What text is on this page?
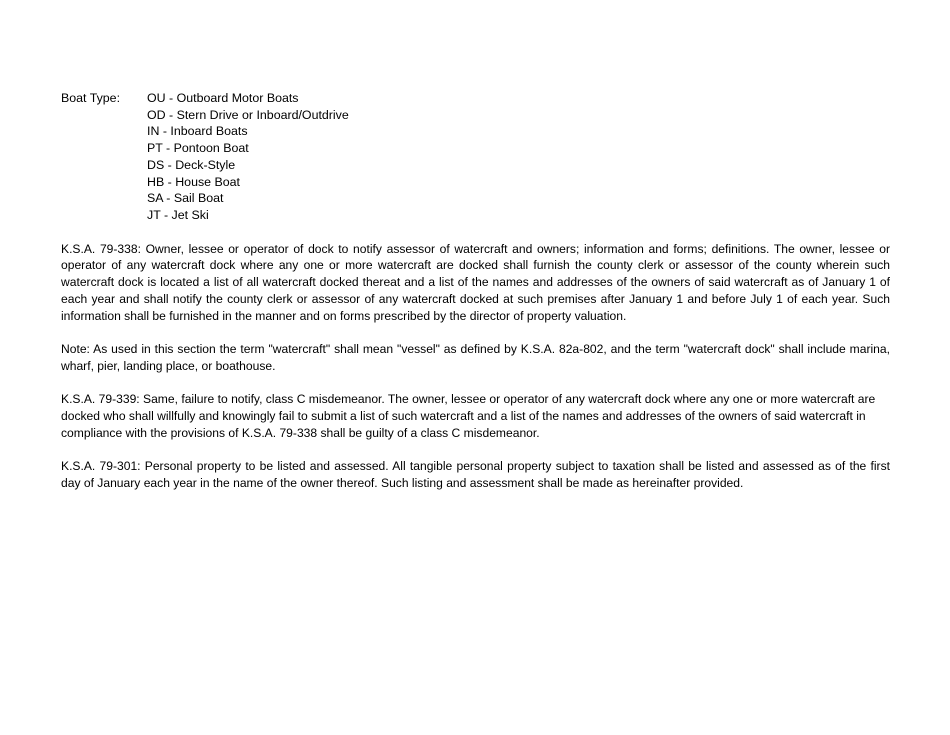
Boat Type:	OU - Outboard Motor Boats
OD - Stern Drive or Inboard/Outdrive
IN - Inboard Boats
PT - Pontoon Boat
DS - Deck-Style
HB - House Boat
SA - Sail Boat
JT - Jet Ski

K.S.A. 79-338: Owner, lessee or operator of dock to notify assessor of watercraft and owners; information and forms; definitions. The owner, lessee or operator of any watercraft dock where any one or more watercraft are docked shall furnish the county clerk or assessor of the county wherein such watercraft dock is located a list of all watercraft docked thereat and a list of the names and addresses of the owners of said watercraft as of January 1 of each year and shall notify the county clerk or assessor of any watercraft docked at such premises after January 1 and before July 1 of each year. Such information shall be furnished in the manner and on forms prescribed by the director of property valuation.

Note: As used in this section the term "watercraft" shall mean "vessel" as defined by K.S.A. 82a-802, and the term "watercraft dock" shall include marina, wharf, pier, landing place, or boathouse.

K.S.A. 79-339: Same, failure to notify, class C misdemeanor. The owner, lessee or operator of any watercraft dock where any one or more watercraft are docked who shall willfully and knowingly fail to submit a list of such watercraft and a list of the names and addresses of the owners of said watercraft in compliance with the provisions of K.S.A. 79-338 shall be guilty of a class C misdemeanor.

K.S.A. 79-301: Personal property to be listed and assessed. All tangible personal property subject to taxation shall be listed and assessed as of the first day of January each year in the name of the owner thereof. Such listing and assessment shall be made as hereinafter provided.
